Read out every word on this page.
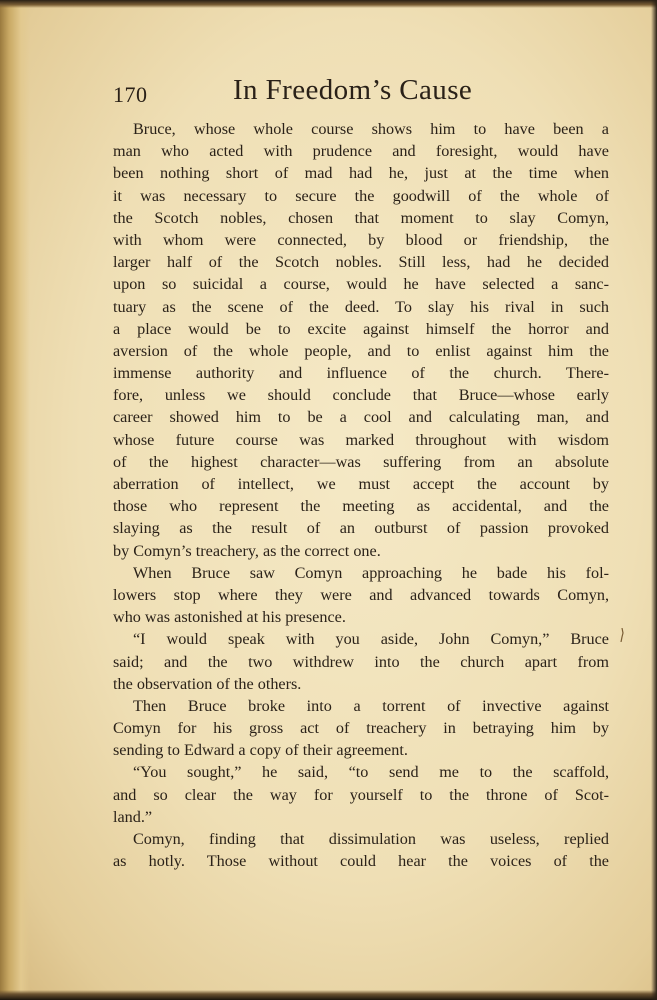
170	In Freedom’s Cause
Bruce, whose whole course shows him to have been a
man who acted with prudence and foresight, would have
been nothing short of mad had he, just at the time when
it was necessary to secure the goodwill of the whole of
the Scotch nobles, chosen that moment to slay Comyn,
with whom were connected, by blood or friendship, the
larger half of the Scotch nobles. Still less, had he decided
upon so suicidal a course, would he have selected a sanc-
tuary as the scene of the deed. To slay his rival in such
a place would be to excite against himself the horror and
aversion of the whole people, and to enlist against him the
immense authority and influence of the church. There-
fore, unless we should conclude that Bruce—whose early
career showed him to be a cool and calculating man, and
whose future course was marked throughout with wisdom
of the highest character—was suffering from an absolute
aberration of intellect, we must accept the account by
those who represent the meeting as accidental, and the
slaying as the result of an outburst of passion provoked
by Comyn’s treachery, as the correct one.
When Bruce saw Comyn approaching he bade his fol-
lowers stop where they were and advanced towards Comyn,
who was astonished at his presence.
“I would speak with you aside, John Comyn,” Bruce
said; and the two withdrew into the church apart from
the observation of the others.
Then Bruce broke into a torrent of invective against
Comyn for his gross act of treachery in betraying him by
sending to Edward a copy of their agreement.
“You sought,” he said, “to send me to the scaffold,
and so clear the way for yourself to the throne of Scot-
land.”
Comyn, finding that dissimulation was useless, replied
as hotly. Those without could hear the voices of the
